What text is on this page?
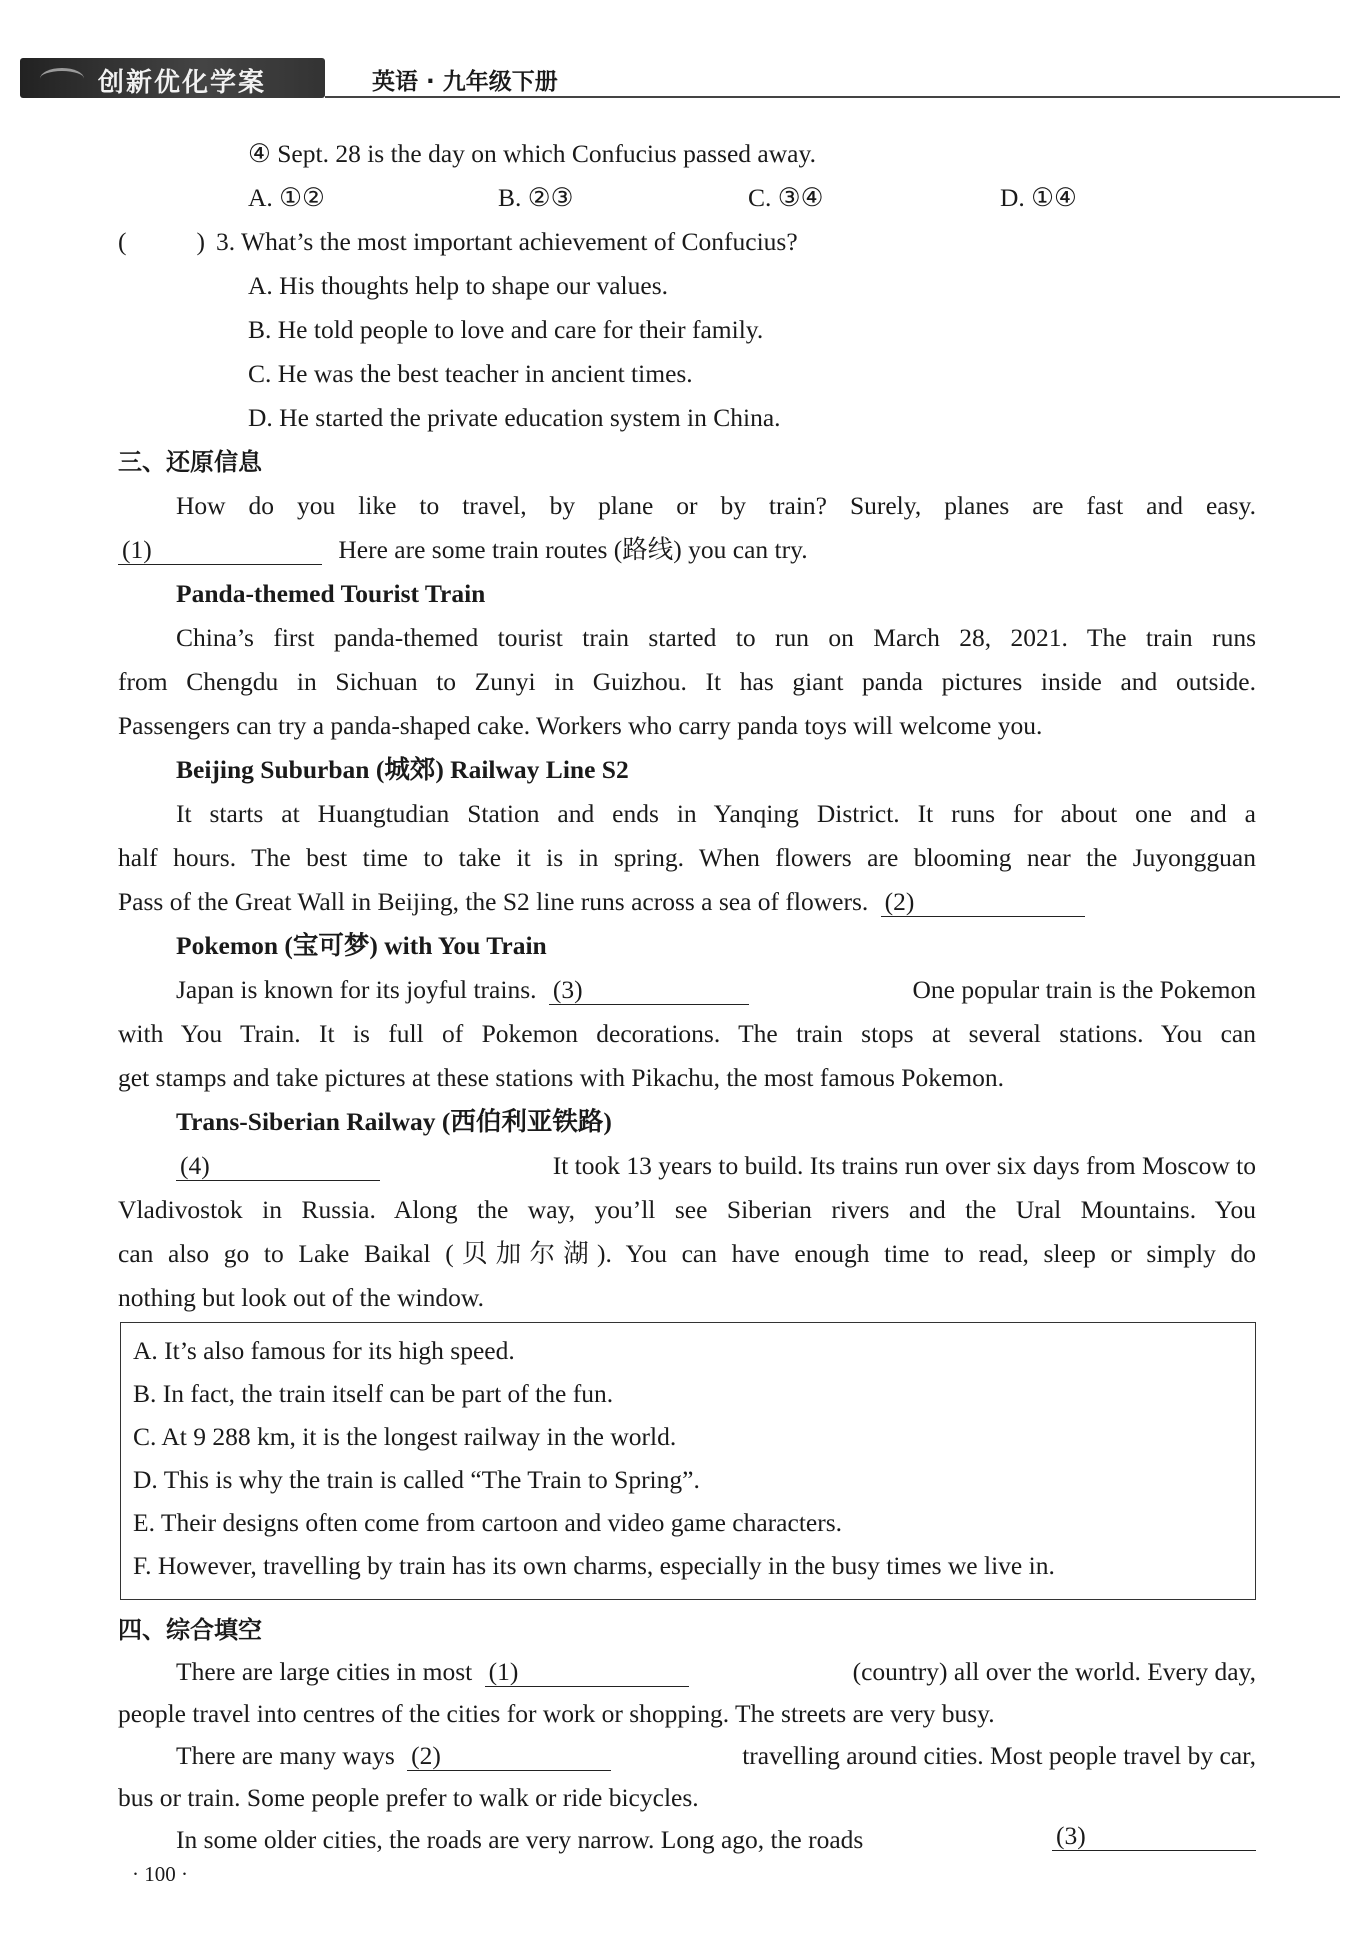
创新优化学案	英语 · 九年级下册
④ Sept. 28 is the day on which Confucius passed away.
A. ①②	B. ②③	C. ③④	D. ①④
(	) 3. What’s the most important achievement of Confucius?
A. His thoughts help to shape our values.
B. He told people to love and care for their family.
C. He was the best teacher in ancient times.
D. He started the private education system in China.
三、还原信息
How do you like to travel, by plane or by train? Surely, planes are fast and easy.
(1)	Here are some train routes (路线) you can try.
Panda-themed Tourist Train
China’s first panda-themed tourist train started to run on March 28, 2021. The train runs
from Chengdu in Sichuan to Zunyi in Guizhou. It has giant panda pictures inside and outside.
Passengers can try a panda-shaped cake. Workers who carry panda toys will welcome you.
Beijing Suburban (城郊) Railway Line S2
It starts at Huangtudian Station and ends in Yanqing District. It runs for about one and a
half hours. The best time to take it is in spring. When flowers are blooming near the Juyongguan
Pass of the Great Wall in Beijing, the S2 line runs across a sea of flowers. (2)
Pokemon (宝可梦) with You Train
Japan is known for its joyful trains. (3)	One popular train is the Pokemon
with You Train. It is full of Pokemon decorations. The train stops at several stations. You can
get stamps and take pictures at these stations with Pikachu, the most famous Pokemon.
Trans-Siberian Railway (西伯利亚铁路)
(4)	It took 13 years to build. Its trains run over six days from Moscow to
Vladivostok in Russia. Along the way, you’ll see Siberian rivers and the Ural Mountains. You
can also go to Lake Baikal (贝加尔湖). You can have enough time to read, sleep or simply do
nothing but look out of the window.
A. It’s also famous for its high speed.
B. In fact, the train itself can be part of the fun.
C. At 9 288 km, it is the longest railway in the world.
D. This is why the train is called “The Train to Spring”.
E. Their designs often come from cartoon and video game characters.
F. However, travelling by train has its own charms, especially in the busy times we live in.
四、综合填空
There are large cities in most (1)	(country) all over the world. Every day,
people travel into centres of the cities for work or shopping. The streets are very busy.
There are many ways (2)	travelling around cities. Most people travel by car,
bus or train. Some people prefer to walk or ride bicycles.
In some older cities, the roads are very narrow. Long ago, the roads	(3)
· 100 ·
